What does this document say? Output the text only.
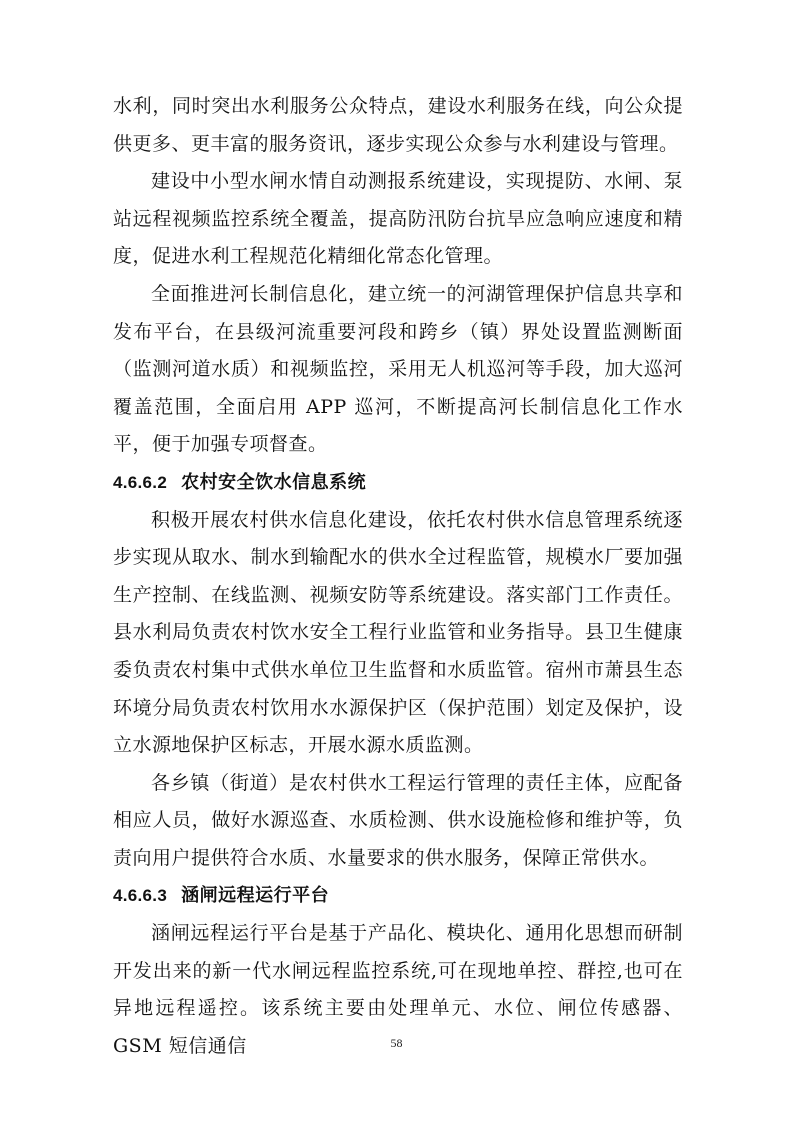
水利，同时突出水利服务公众特点，建设水利服务在线，向公众提供更多、更丰富的服务资讯，逐步实现公众参与水利建设与管理。

建设中小型水闸水情自动测报系统建设，实现提防、水闸、泵站远程视频监控系统全覆盖，提高防汛防台抗旱应急响应速度和精度，促进水利工程规范化精细化常态化管理。

全面推进河长制信息化，建立统一的河湖管理保护信息共享和发布平台，在县级河流重要河段和跨乡（镇）界处设置监测断面（监测河道水质）和视频监控，采用无人机巡河等手段，加大巡河覆盖范围，全面启用 APP 巡河，不断提高河长制信息化工作水平，便于加强专项督查。

4.6.6.2 农村安全饮水信息系统

积极开展农村供水信息化建设，依托农村供水信息管理系统逐步实现从取水、制水到输配水的供水全过程监管，规模水厂要加强生产控制、在线监测、视频安防等系统建设。落实部门工作责任。县水利局负责农村饮水安全工程行业监管和业务指导。县卫生健康委负责农村集中式供水单位卫生监督和水质监管。宿州市萧县生态环境分局负责农村饮用水水源保护区（保护范围）划定及保护，设立水源地保护区标志，开展水源水质监测。

各乡镇（街道）是农村供水工程运行管理的责任主体，应配备相应人员，做好水源巡查、水质检测、供水设施检修和维护等，负责向用户提供符合水质、水量要求的供水服务，保障正常供水。

4.6.6.3 涵闸远程运行平台

涵闸远程运行平台是基于产品化、模块化、通用化思想而研制开发出来的新一代水闸远程监控系统,可在现地单控、群控,也可在异地远程遥控。该系统主要由处理单元、水位、闸位传感器、GSM 短信通信	58
